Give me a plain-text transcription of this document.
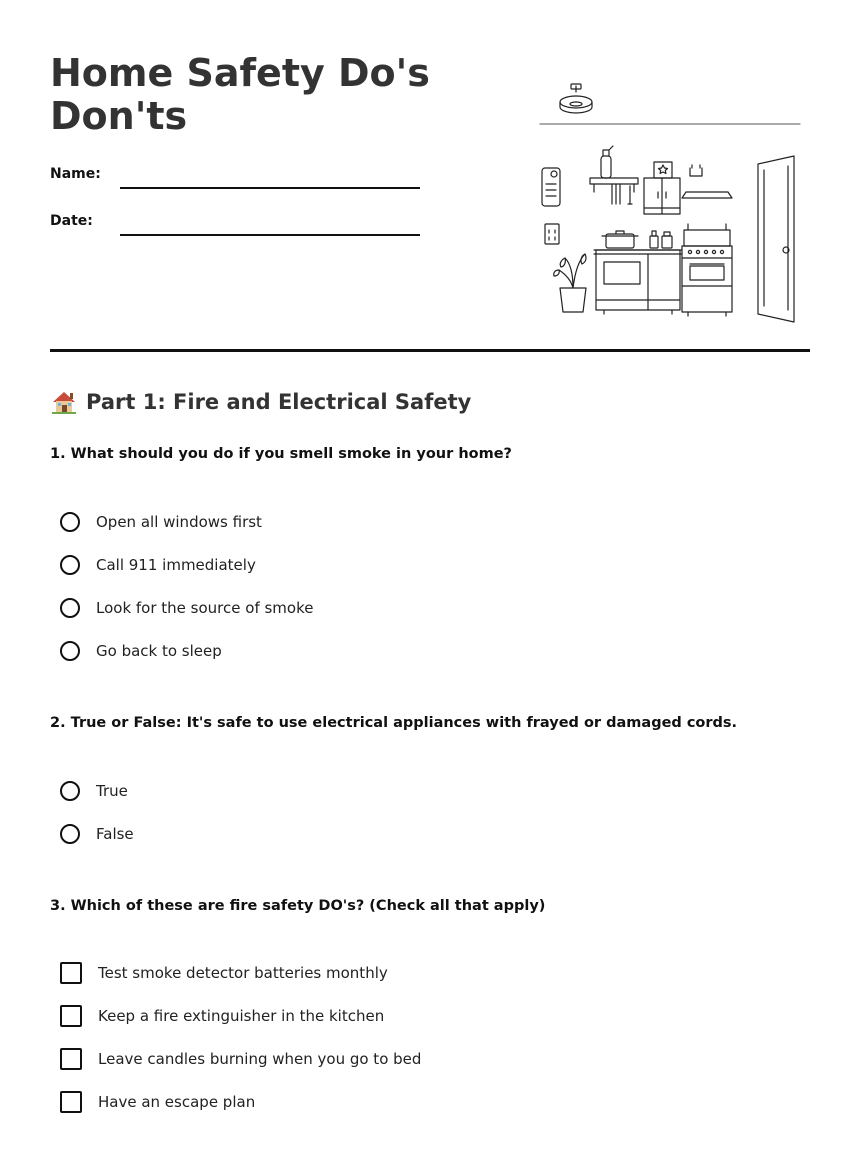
Home Safety Do's
Don'ts
Name:
Date:
Part 1: Fire and Electrical Safety
1. What should you do if you smell smoke in your home?
Open all windows first
Call 911 immediately
Look for the source of smoke
Go back to sleep
2. True or False: It's safe to use electrical appliances with frayed or damaged cords.
True
False
3. Which of these are fire safety DO's? (Check all that apply)
Test smoke detector batteries monthly
Keep a fire extinguisher in the kitchen
Leave candles burning when you go to bed
Have an escape plan
